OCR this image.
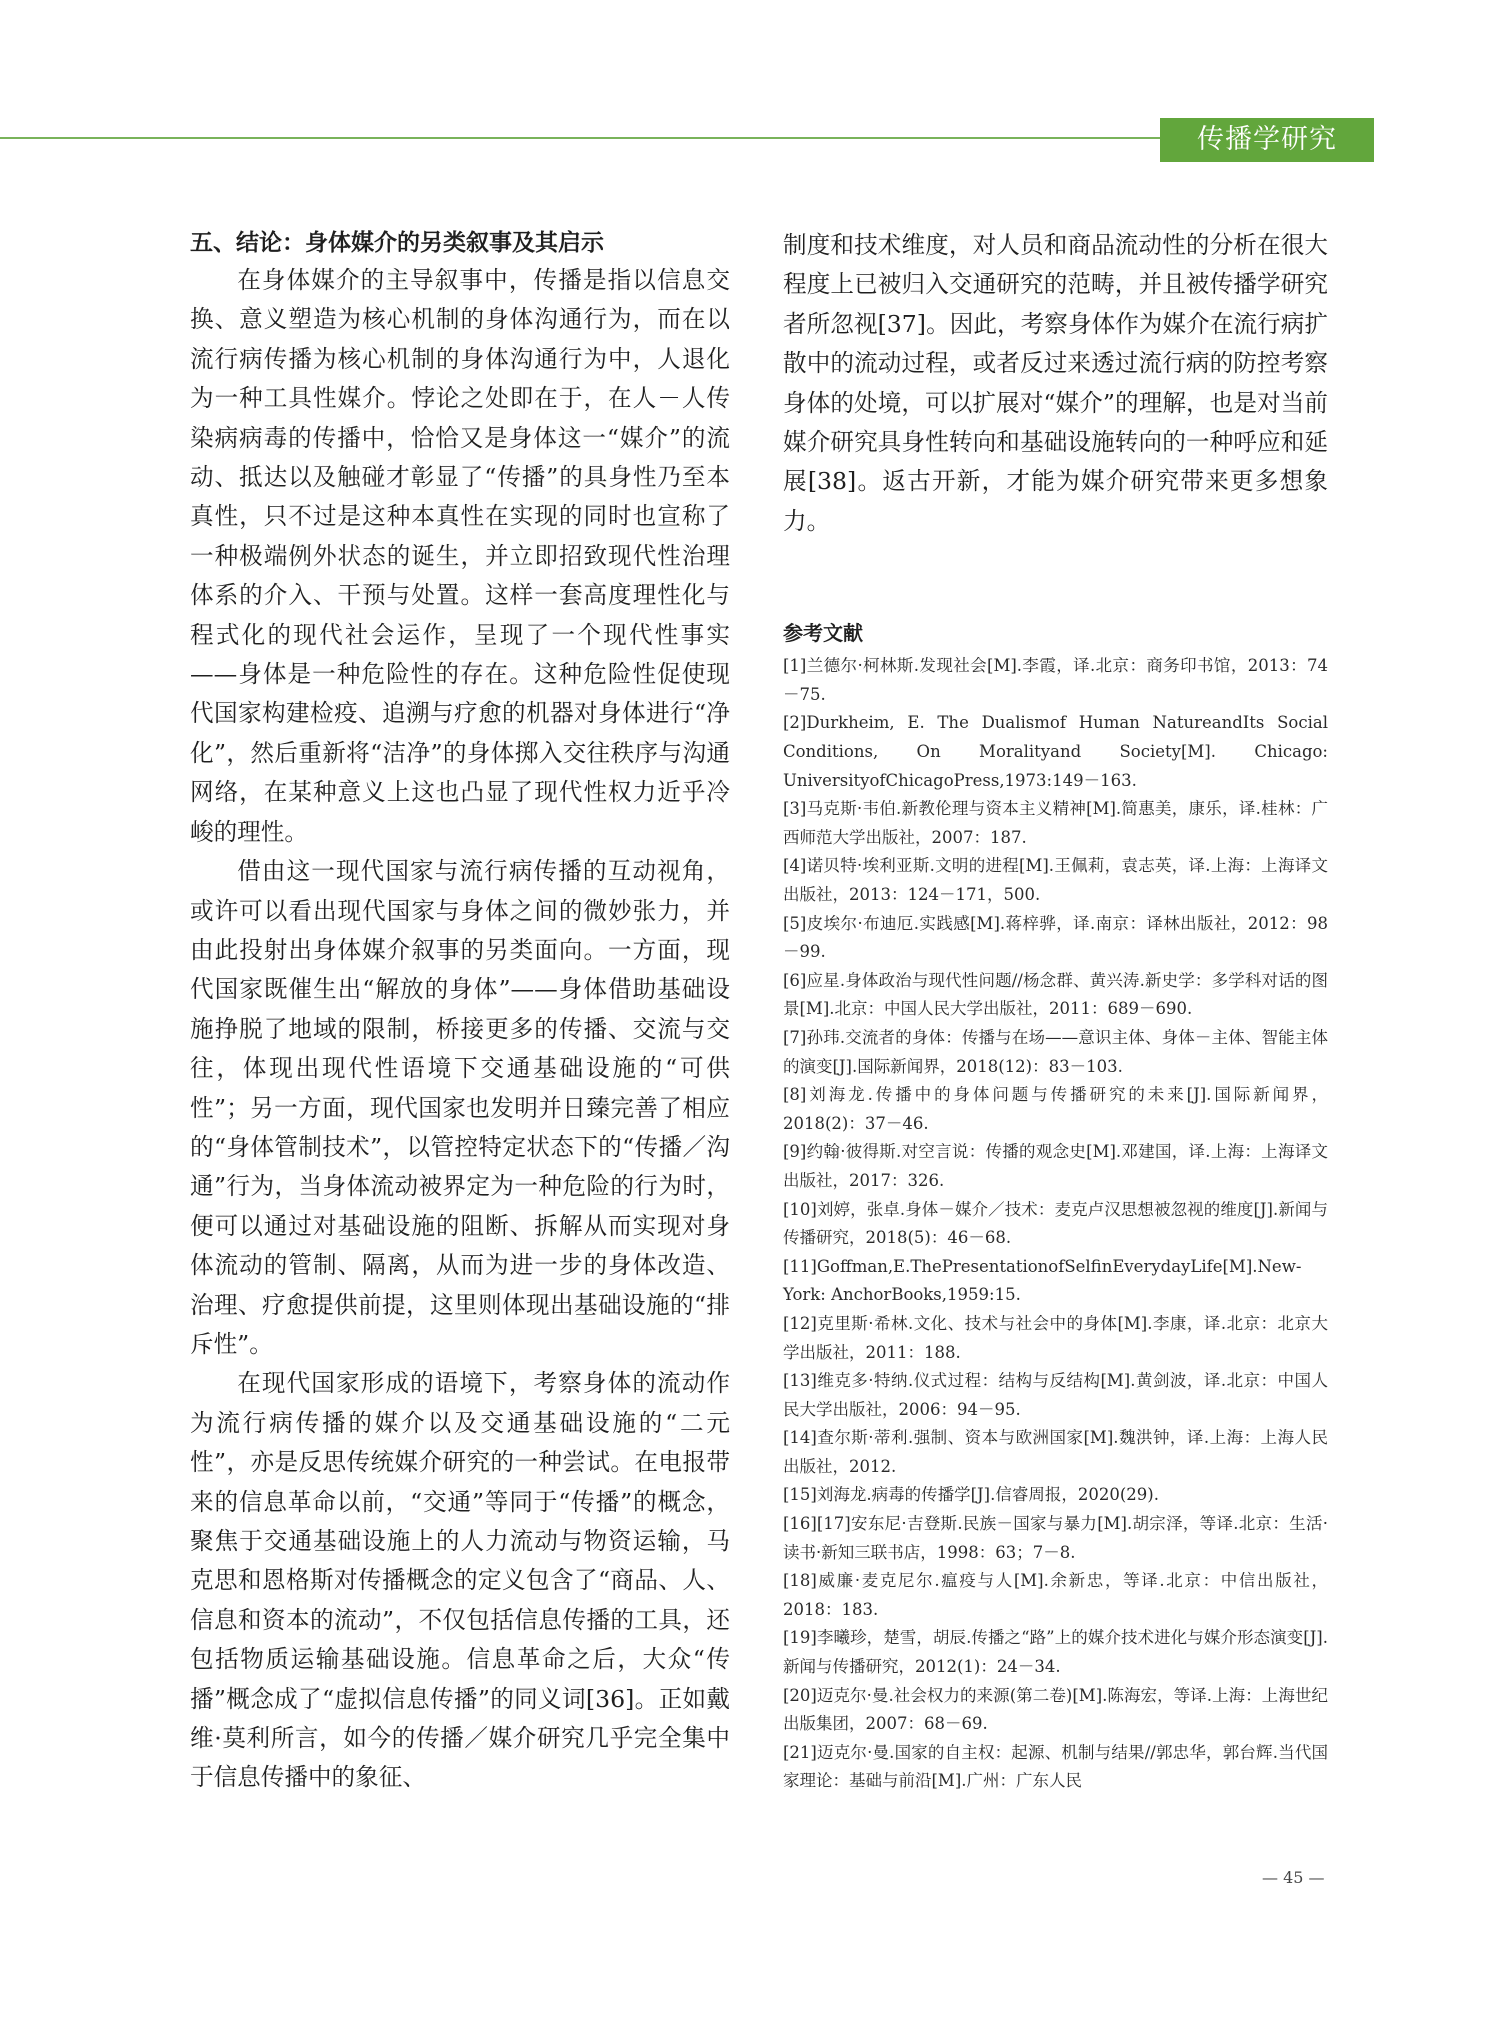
传播学研究
五、结论：身体媒介的另类叙事及其启示

在身体媒介的主导叙事中，传播是指以信息交换、意义塑造为核心机制的身体沟通行为，而在以流行病传播为核心机制的身体沟通行为中，人退化为一种工具性媒介。悖论之处即在于，在人－人传染病病毒的传播中，恰恰又是身体这一“媒介”的流动、抵达以及触碰才彰显了“传播”的具身性乃至本真性，只不过是这种本真性在实现的同时也宣称了一种极端例外状态的诞生，并立即招致现代性治理体系的介入、干预与处置。这样一套高度理性化与程式化的现代社会运作，呈现了一个现代性事实——身体是一种危险性的存在。这种危险性促使现代国家构建检疫、追溯与疗愈的机器对身体进行“净化”，然后重新将“洁净”的身体掷入交往秩序与沟通网络，在某种意义上这也凸显了现代性权力近乎冷峻的理性。

借由这一现代国家与流行病传播的互动视角，或许可以看出现代国家与身体之间的微妙张力，并由此投射出身体媒介叙事的另类面向。一方面，现代国家既催生出“解放的身体”——身体借助基础设施挣脱了地域的限制，桥接更多的传播、交流与交往，体现出现代性语境下交通基础设施的“可供性”；另一方面，现代国家也发明并日臻完善了相应的“身体管制技术”，以管控特定状态下的“传播／沟通”行为，当身体流动被界定为一种危险的行为时，便可以通过对基础设施的阻断、拆解从而实现对身体流动的管制、隔离，从而为进一步的身体改造、治理、疗愈提供前提，这里则体现出基础设施的“排斥性”。

在现代国家形成的语境下，考察身体的流动作为流行病传播的媒介以及交通基础设施的“二元性”，亦是反思传统媒介研究的一种尝试。在电报带来的信息革命以前，“交通”等同于“传播”的概念，聚焦于交通基础设施上的人力流动与物资运输，马克思和恩格斯对传播概念的定义包含了“商品、人、信息和资本的流动”，不仅包括信息传播的工具，还包括物质运输基础设施。信息革命之后，大众“传播”概念成了“虚拟信息传播”的同义词[36]。正如戴维·莫利所言，如今的传播／媒介研究几乎完全集中于信息传播中的象征、

制度和技术维度，对人员和商品流动性的分析在很大程度上已被归入交通研究的范畴，并且被传播学研究者所忽视[37]。因此，考察身体作为媒介在流行病扩散中的流动过程，或者反过来透过流行病的防控考察身体的处境，可以扩展对“媒介”的理解，也是对当前媒介研究具身性转向和基础设施转向的一种呼应和延展[38]。返古开新，才能为媒介研究带来更多想象力。

参考文献

[1]兰德尔·柯林斯.发现社会[M].李霞，译.北京：商务印书馆，2013：74－75.

[2]Durkheim, E. The Dualismof Human NatureandIts Social Conditions, On Moralityand Society[M]. Chicago: UniversityofChicagoPress,1973:149－163.

[3]马克斯·韦伯.新教伦理与资本主义精神[M].简惠美，康乐，译.桂林：广西师范大学出版社，2007：187.

[4]诺贝特·埃利亚斯.文明的进程[M].王佩莉，袁志英，译.上海：上海译文出版社，2013：124－171，500.

[5]皮埃尔·布迪厄.实践感[M].蒋梓骅，译.南京：译林出版社，2012：98－99.

[6]应星.身体政治与现代性问题//杨念群、黄兴涛.新史学：多学科对话的图景[M].北京：中国人民大学出版社，2011：689－690.

[7]孙玮.交流者的身体：传播与在场——意识主体、身体－主体、智能主体的演变[J].国际新闻界，2018(12)：83－103.

[8]刘海龙.传播中的身体问题与传播研究的未来[J].国际新闻界，2018(2)：37－46.

[9]约翰·彼得斯.对空言说：传播的观念史[M].邓建国，译.上海：上海译文出版社，2017：326.

[10]刘婷，张卓.身体－媒介／技术：麦克卢汉思想被忽视的维度[J].新闻与传播研究，2018(5)：46－68.

[11]Goffman,E.ThePresentationofSelfinEverydayLife[M].New-York: AnchorBooks,1959:15.

[12]克里斯·希林.文化、技术与社会中的身体[M].李康，译.北京：北京大学出版社，2011：188.

[13]维克多·特纳.仪式过程：结构与反结构[M].黄剑波，译.北京：中国人民大学出版社，2006：94－95.

[14]查尔斯·蒂利.强制、资本与欧洲国家[M].魏洪钟，译.上海：上海人民出版社，2012.

[15]刘海龙.病毒的传播学[J].信睿周报，2020(29).

[16][17]安东尼·吉登斯.民族－国家与暴力[M].胡宗泽，等译.北京：生活·读书·新知三联书店，1998：63；7－8.

[18]威廉·麦克尼尔.瘟疫与人[M].余新忠，等译.北京：中信出版社，2018：183.

[19]李曦珍，楚雪，胡辰.传播之“路”上的媒介技术进化与媒介形态演变[J].新闻与传播研究，2012(1)：24－34.

[20]迈克尔·曼.社会权力的来源(第二卷)[M].陈海宏，等译.上海：上海世纪出版集团，2007：68－69.

[21]迈克尔·曼.国家的自主权：起源、机制与结果//郭忠华，郭台辉.当代国家理论：基础与前沿[M].广州：广东人民

— 45 —
